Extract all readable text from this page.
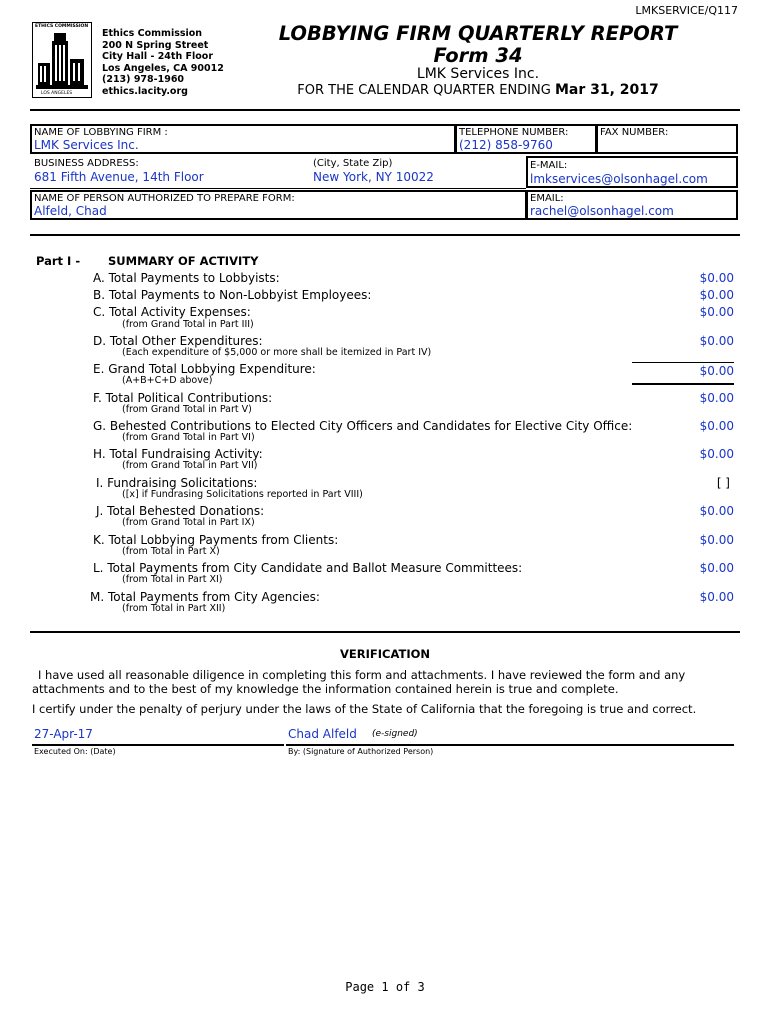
LMKSERVICE/Q117
ETHICS COMMISSION
LOS ANGELES
Ethics Commission
200 N Spring Street
City Hall - 24th Floor
Los Angeles, CA 90012
(213) 978-1960
ethics.lacity.org
LOBBYING FIRM QUARTERLY REPORT
Form 34
LMK Services Inc.
FOR THE CALENDAR QUARTER ENDING Mar 31, 2017
NAME OF LOBBYING FIRM :
LMK Services Inc.
TELEPHONE NUMBER:
(212) 858-9760
FAX NUMBER:
BUSINESS ADDRESS:
681 Fifth Avenue, 14th Floor
(City, State Zip)
New York, NY 10022
E-MAIL:
lmkservices@olsonhagel.com
NAME OF PERSON AUTHORIZED TO PREPARE FORM:
Alfeld, Chad
EMAIL:
rachel@olsonhagel.com
Part I - SUMMARY OF ACTIVITY
A. Total Payments to Lobbyists:	$0.00
B. Total Payments to Non-Lobbyist Employees:	$0.00
C. Total Activity Expenses:
(from Grand Total in Part III)
$0.00
D. Total Other Expenditures:
(Each expenditure of $5,000 or more shall be itemized in Part IV)
$0.00
E. Grand Total Lobbying Expenditure:
(A+B+C+D above)
$0.00
F. Total Political Contributions:
(from Grand Total in Part V)
$0.00
G. Behested Contributions to Elected City Officers and Candidates for Elective City Office:
(from Grand Total in Part VI)
$0.00
H. Total Fundraising Activity:
(from Grand Total in Part VII)
$0.00
I. Fundraising Solicitations:
([x] if Fundrasing Solicitations reported in Part VIII)
[ ]
J. Total Behested Donations:
(from Grand Total in Part IX)
$0.00
K. Total Lobbying Payments from Clients:
(from Total in Part X)
$0.00
L. Total Payments from City Candidate and Ballot Measure Committees:
(from Total in Part XI)
$0.00
M. Total Payments from City Agencies:
(from Total in Part XII)
$0.00
VERIFICATION
I have used all reasonable diligence in completing this form and attachments. I have reviewed the form and any
attachments and to the best of my knowledge the information contained herein is true and complete.
I certify under the penalty of perjury under the laws of the State of California that the foregoing is true and correct.
27-Apr-17	Chad Alfeld (e-signed)
Executed On: (Date)	By: (Signature of Authorized Person)
Page 1 of 3
